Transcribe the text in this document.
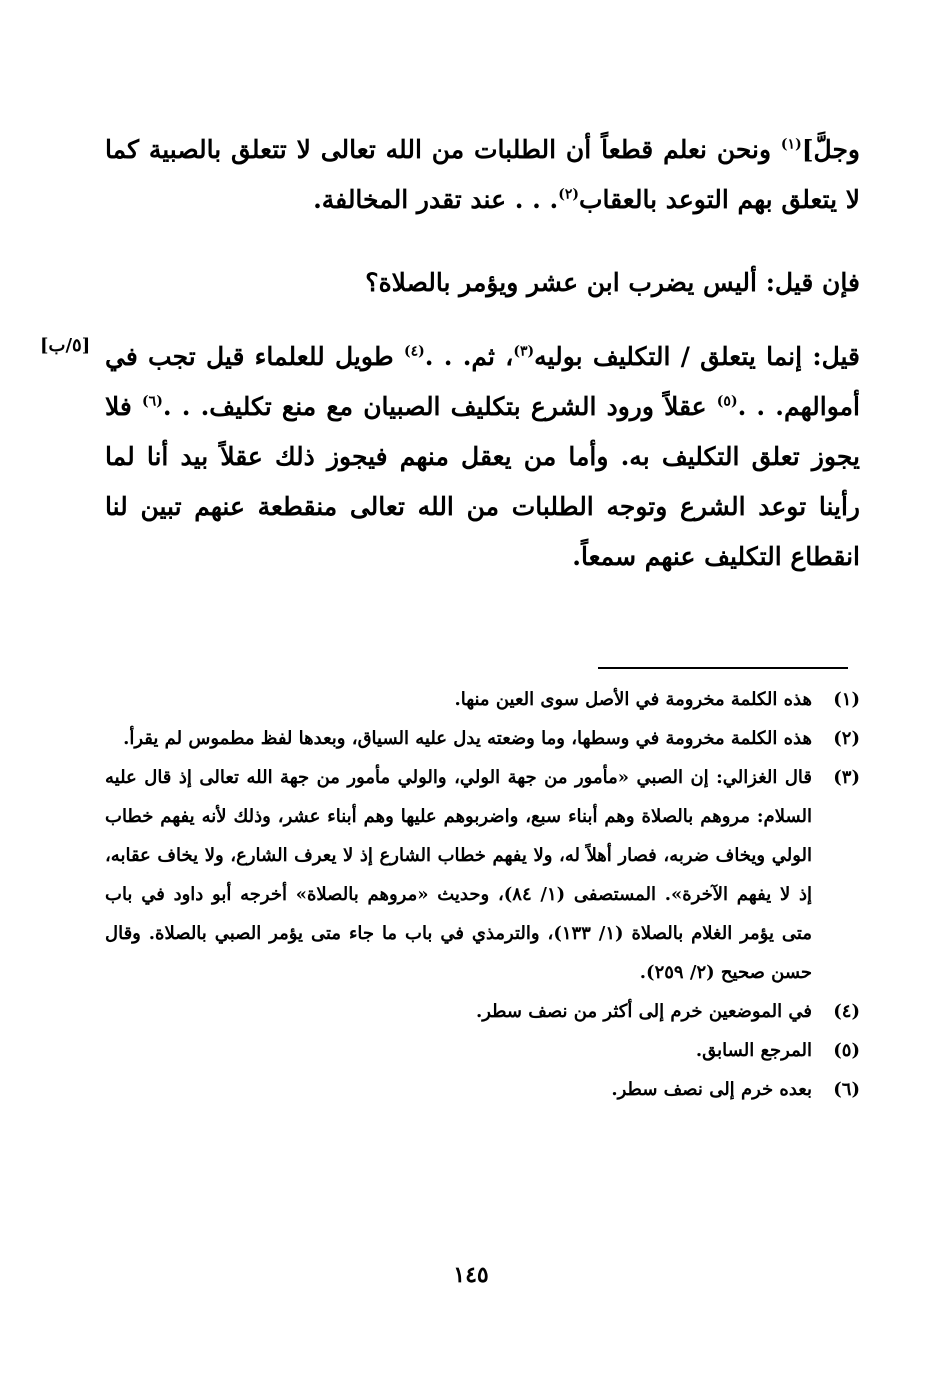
وجلَّ]$^{(١)}$ ونحن نعلم قطعاً أن الطلبات من الله تعالى لا تتعلق بالصبية كما لا يتعلق بهم التوعد بالعقاب$^{(٢)}$. . . عند تقدر المخالفة.
فإن قيل: أليس يضرب ابن عشر ويؤمر بالصلاة؟
[٥/ب]	قيل: إنما يتعلق / التكليف بوليه$^{(٣)}$، ثم. . .$^{(٤)}$ طويل للعلماء قيل تجب في أموالهم. . .$^{(٥)}$ عقلاً ورود الشرع بتكليف الصبيان مع منع تكليف. . .$^{(٦)}$ فلا يجوز تعلق التكليف به. وأما من يعقل منهم فيجوز ذلك عقلاً بيد أنا لما رأينا توعد الشرع وتوجه الطلبات من الله تعالى منقطعة عنهم تبين لنا انقطاع التكليف عنهم سمعاً.
(١)
هذه الكلمة مخرومة في الأصل سوى العين منها.
(٢)
هذه الكلمة مخرومة في وسطها، وما وضعته يدل عليه السياق، وبعدها لفظ مطموس لم يقرأ.
(٣)
قال الغزالي: إن الصبي «مأمور من جهة الولي، والولي مأمور من جهة الله تعالى إذ قال عليه السلام: مروهم بالصلاة وهم أبناء سبع، واضربوهم عليها وهم أبناء عشر، وذلك لأنه يفهم خطاب الولي ويخاف ضربه، فصار أهلاً له، ولا يفهم خطاب الشارع إذ لا يعرف الشارع، ولا يخاف عقابه، إذ لا يفهم الآخرة». المستصفى (١/ ٨٤)، وحديث «مروهم بالصلاة» أخرجه أبو داود في باب متى يؤمر الغلام بالصلاة (١/ ١٣٣)، والترمذي في باب ما جاء متى يؤمر الصبي بالصلاة. وقال حسن صحيح (٢/ ٢٥٩).
(٤)
في الموضعين خرم إلى أكثر من نصف سطر.
(٥)
المرجع السابق.
(٦)
بعده خرم إلى نصف سطر.
١٤٥
